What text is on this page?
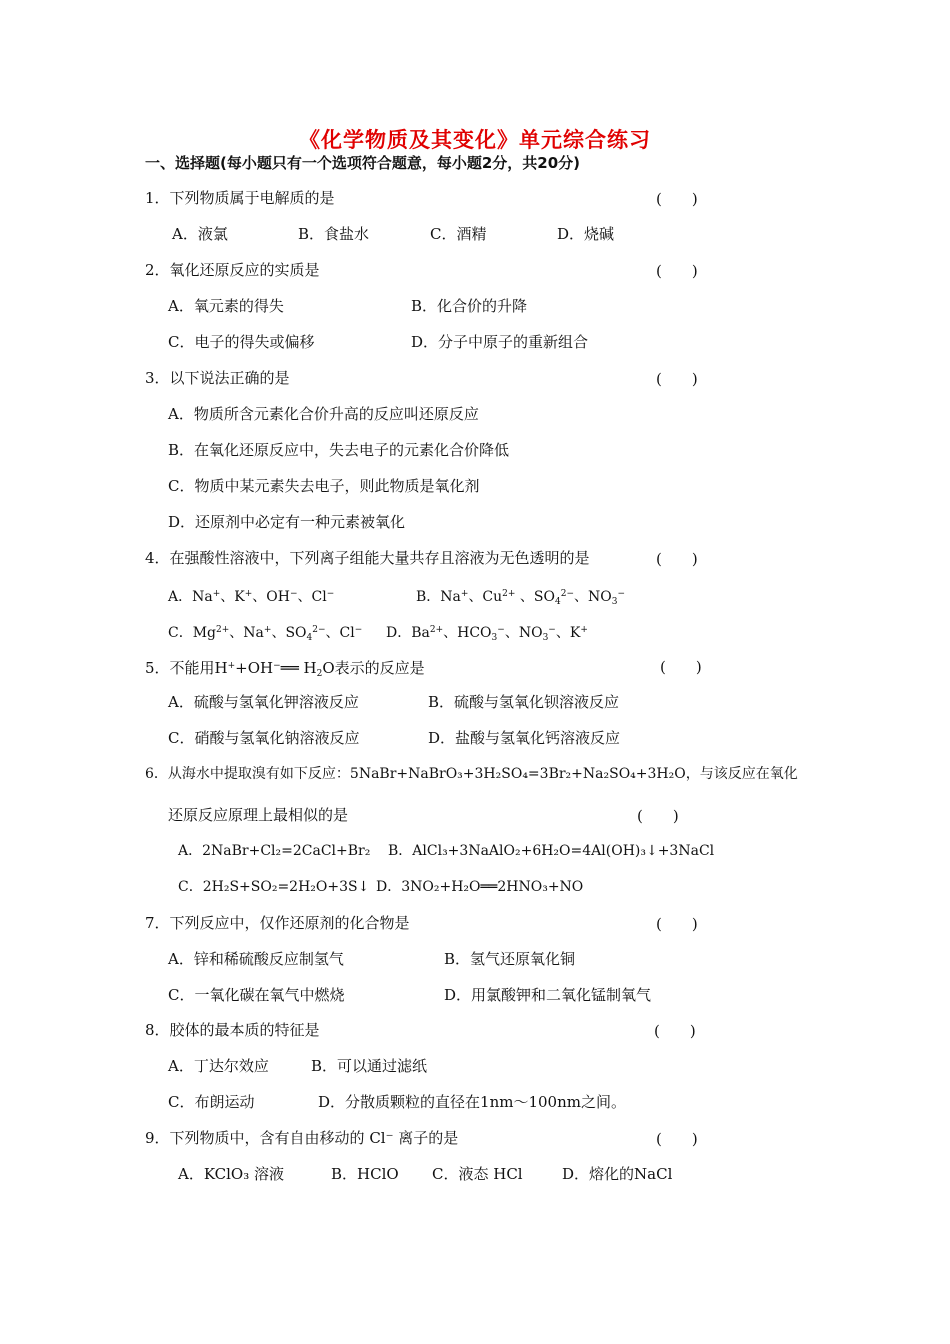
《化学物质及其变化》单元综合练习
一、选择题(每小题只有一个选项符合题意，每小题2分，共20分)
1．下列物质属于电解质的是	(　　)
A．液氯	B．食盐水	C．酒精	D．烧碱
2．氧化还原反应的实质是	(　　)
A．氧元素的得失	B．化合价的升降
C．电子的得失或偏移	D．分子中原子的重新组合
3．以下说法正确的是	(　　)
A．物质所含元素化合价升高的反应叫还原反应
B．在氧化还原反应中，失去电子的元素化合价降低
C．物质中某元素失去电子，则此物质是氧化剂
D．还原剂中必定有一种元素被氧化
4．在强酸性溶液中，下列离子组能大量共存且溶液为无色透明的是	(　　)
A．Na+、K+、OH−、Cl−	B．Na+、$Cu^{2+}$ 、$SO_4^{2-}$、$NO_3^-$
C．$Mg^{2+}$、Na+、$SO_4^{2-}$、Cl− D．$Ba^{2+}$、$HCO_3^-$、$NO_3^-$、K+
5．不能用H++OH−══ $H_2O$表示的反应是	(　　)
A．硫酸与氢氧化钾溶液反应	B．硫酸与氢氧化钡溶液反应
C．硝酸与氢氧化钠溶液反应	D．盐酸与氢氧化钙溶液反应
6．从海水中提取溴有如下反应：5NaBr+NaBrO₃+3H₂SO₄=3Br₂+Na₂SO₄+3H₂O，与该反应在氧化
还原反应原理上最相似的是	(　　)
A．2NaBr+Cl₂=2CaCl+Br₂ B．AlCl₃+3NaAlO₂+6H₂O=4Al(OH)₃↓+3NaCl
C．2H₂S+SO₂=2H₂O+3S↓ D．3NO₂+H₂O══2HNO₃+NO
7．下列反应中，仅作还原剂的化合物是	(　　)
A．锌和稀硫酸反应制氢气	B．氢气还原氧化铜
C．一氧化碳在氧气中燃烧	D．用氯酸钾和二氧化锰制氧气
8．胶体的最本质的特征是	(　　)
A．丁达尔效应	B．可以通过滤纸
C．布朗运动	D．分散质颗粒的直径在1nm～100nm之间。
9．下列物质中，含有自由移动的 Cl⁻ 离子的是	(　　)
A．KClO₃ 溶液	B．HClO C．液态 HCl	D．熔化的NaCl
